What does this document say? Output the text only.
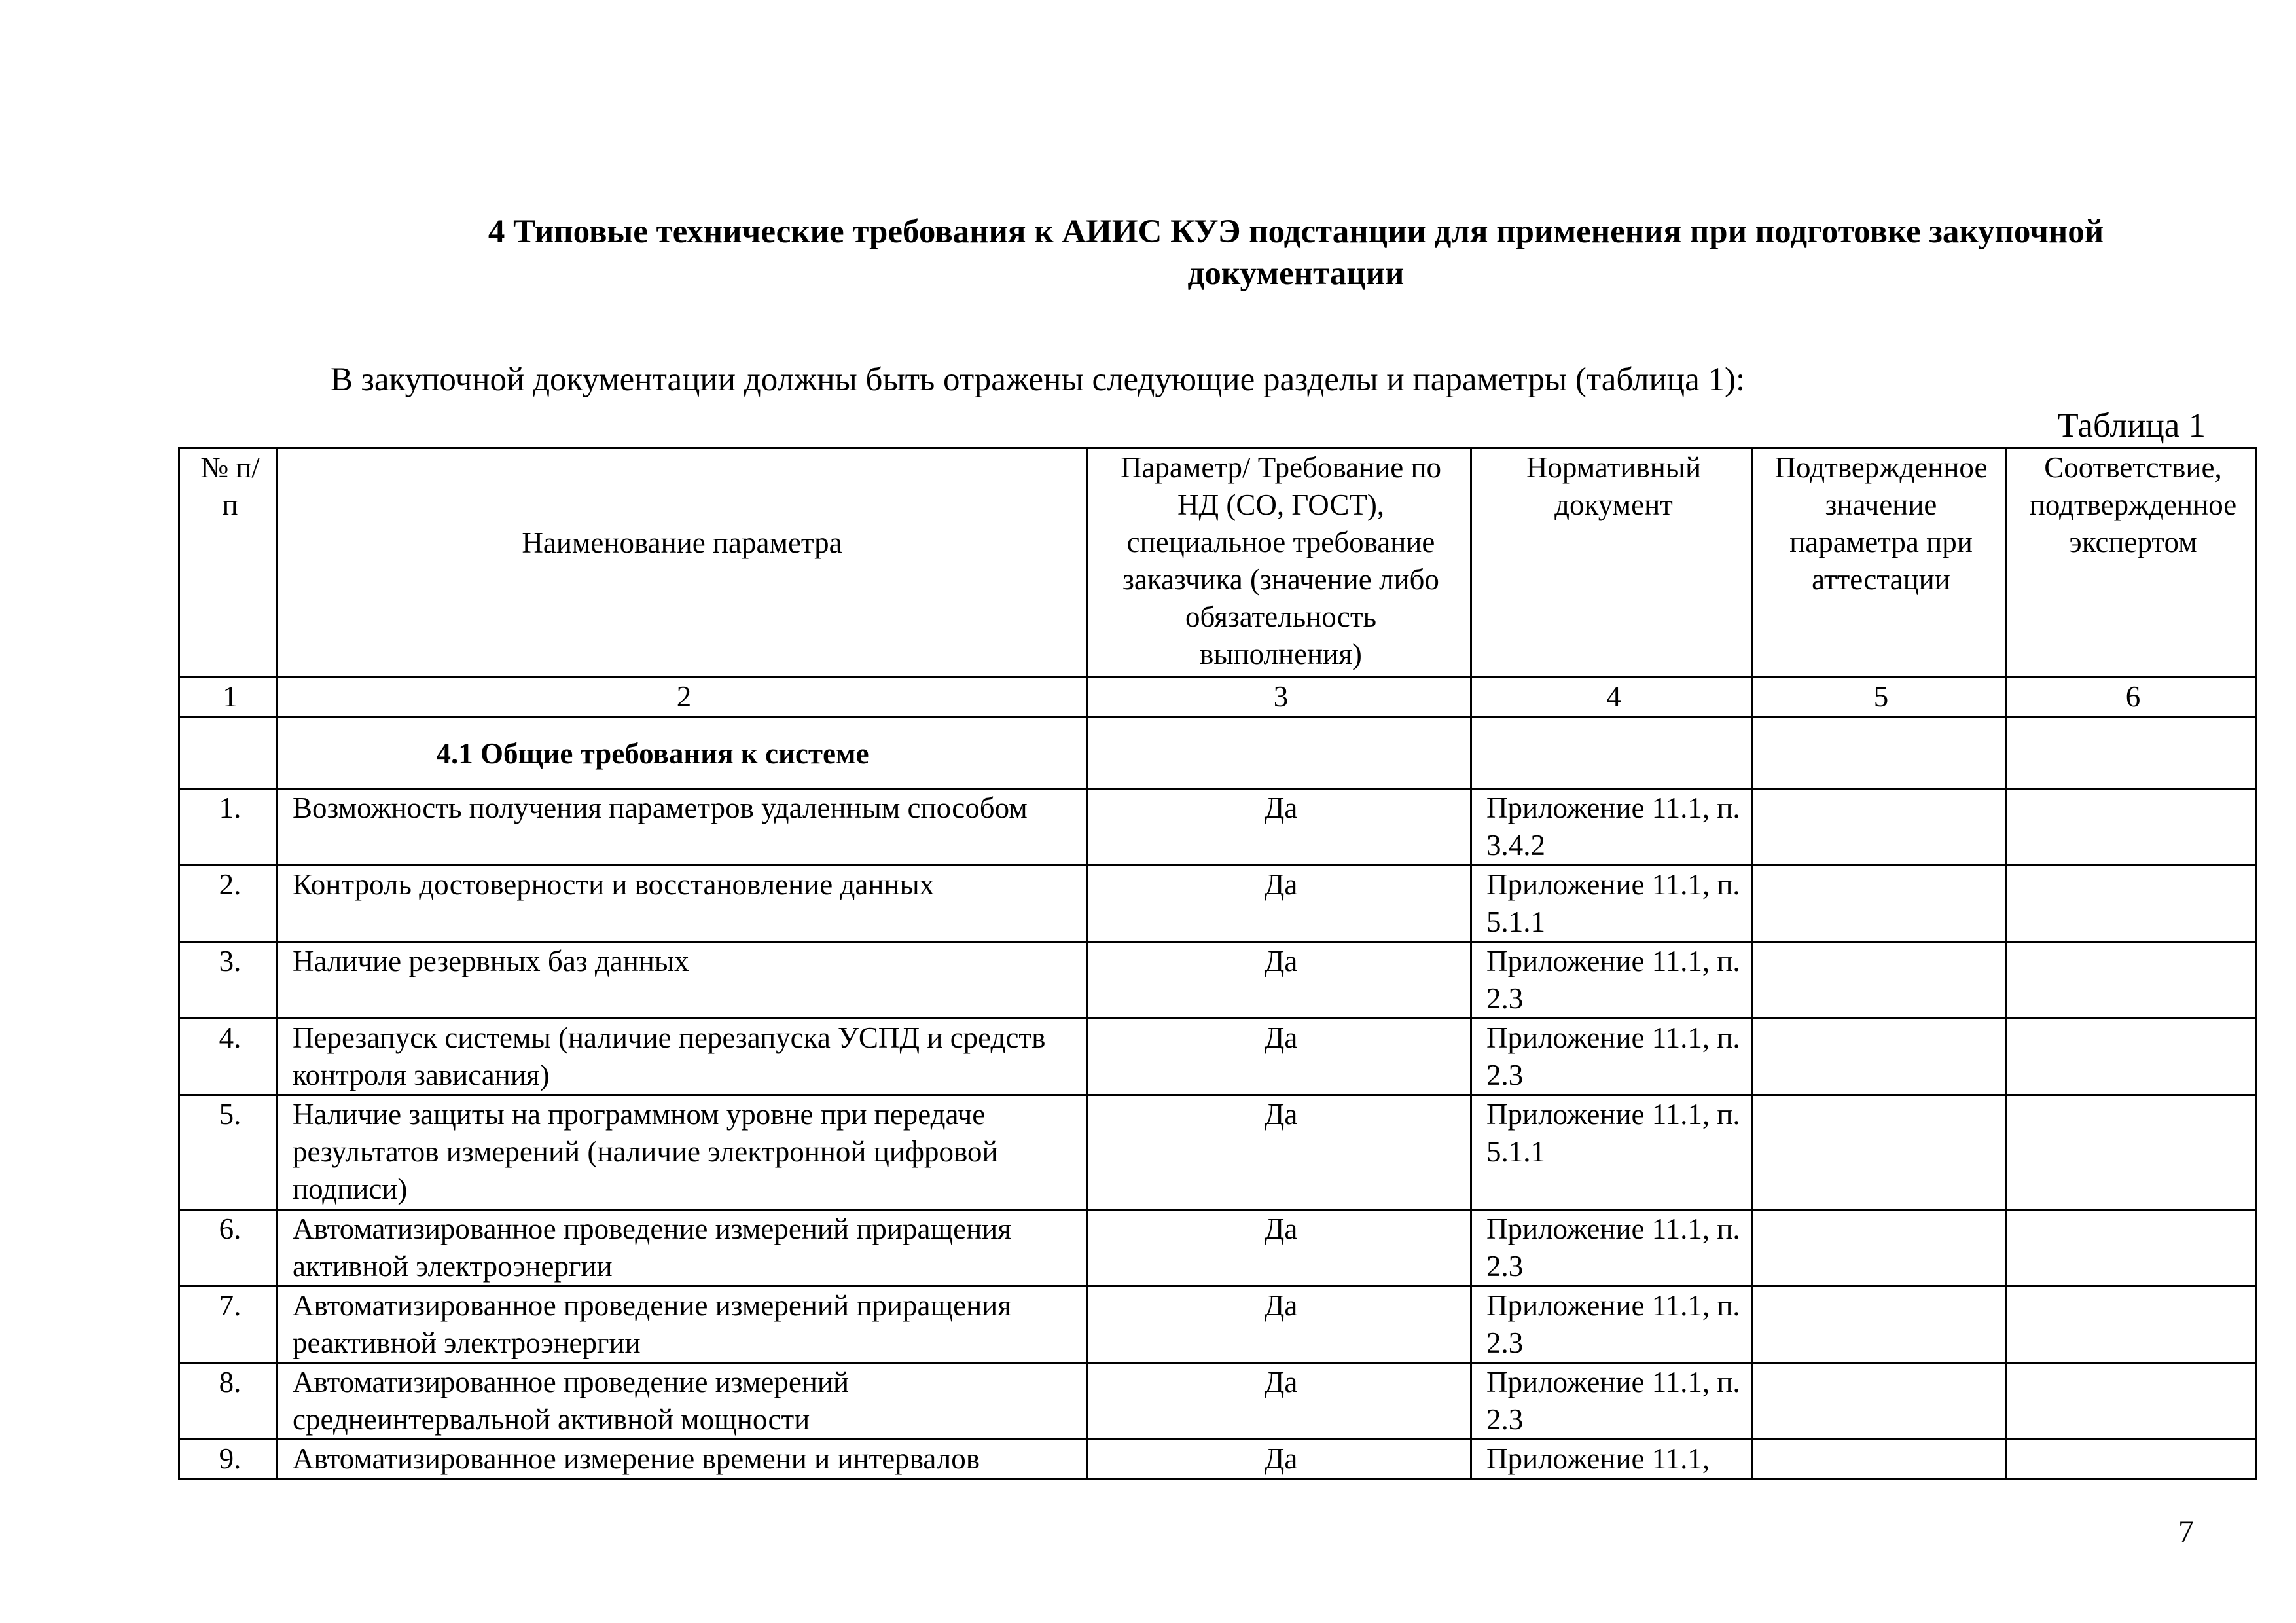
4 Типовые технические требования к АИИС КУЭ подстанции для применения при подготовке закупочной
документации
В закупочной документации должны быть отражены следующие разделы и параметры (таблица 1):
Таблица 1
№ п/п	Наименование параметра	Параметр/ Требование по НД (СО, ГОСТ), специальное требование заказчика (значение либо обязательность выполнения)	Нормативный документ	Подтвержденное значение параметра при аттестации	Соответствие, подтвержденное экспертом
1	2	3	4	5	6

	4.1 Общие требования к системе				

1.	Возможность получения параметров удаленным способом	Да	Приложение 11.1, п. 3.4.2		
2.	Контроль достоверности и восстановление данных	Да	Приложение 11.1, п. 5.1.1		
3.	Наличие резервных баз данных	Да	Приложение 11.1, п. 2.3		
4.	Перезапуск системы (наличие перезапуска УСПД и средств контроля зависания)	Да	Приложение 11.1, п. 2.3		
5.	Наличие защиты на программном уровне при передаче результатов измерений (наличие электронной цифровой подписи)	Да	Приложение 11.1, п. 5.1.1		
6.	Автоматизированное проведение измерений приращения активной электроэнергии	Да	Приложение 11.1, п. 2.3		
7.	Автоматизированное проведение измерений приращения реактивной электроэнергии	Да	Приложение 11.1, п. 2.3		
8.	Автоматизированное проведение измерений среднеинтервальной активной мощности	Да	Приложение 11.1, п. 2.3		
9.	Автоматизированное измерение времени и интервалов	Да	Приложение 11.1,		
7
